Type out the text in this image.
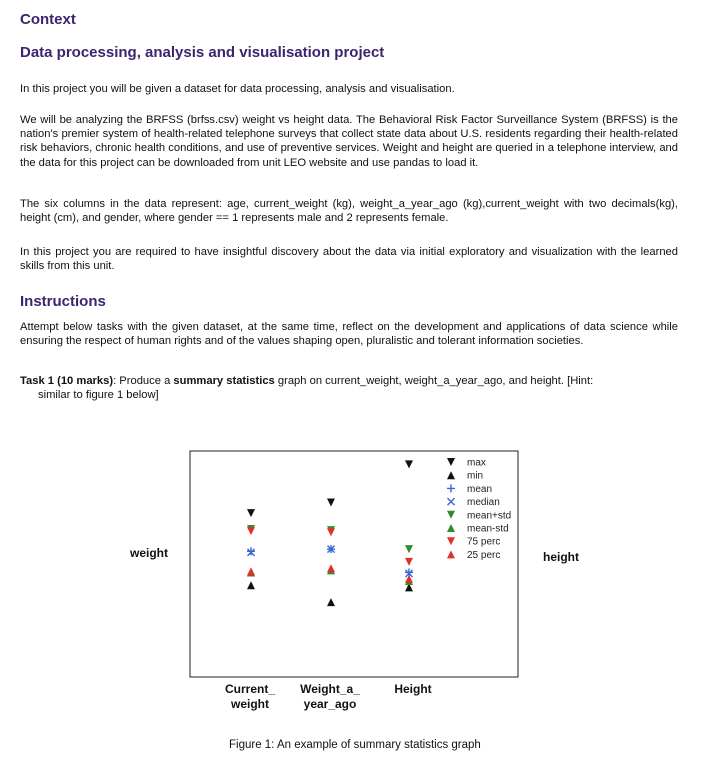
Context
Data processing, analysis and visualisation project
In this project you will be given a dataset for data processing, analysis and visualisation.
We will be analyzing the BRFSS (brfss.csv) weight vs height data. The Behavioral Risk Factor Surveillance System (BRFSS) is the nation's premier system of health-related telephone surveys that collect state data about U.S. residents regarding their health-related risk behaviors, chronic health conditions, and use of preventive services. Weight and height are queried in a telephone interview, and the data for this project can be downloaded from unit LEO website and use pandas to load it.
The six columns in the data represent: age, current_weight (kg), weight_a_year_ago (kg),current_weight with two decimals(kg), height (cm), and gender, where gender == 1 represents male and 2 represents female.
In this project you are required to have insightful discovery about the data via initial exploratory and visualization with the learned skills from this unit.
Instructions
Attempt below tasks with the given dataset, at the same time, reflect on the development and applications of data science while ensuring the respect of human rights and of the values shaping open, pluralistic and tolerant information societies.
Task 1 (10 marks): Produce a summary statistics graph on current_weight, weight_a_year_ago, and height. [Hint:
similar to figure 1 below]
max
min
mean
median
mean+std
mean-std
75 perc
25 perc
weight	height
Current_
weight
Weight_a_
year_ago
Height
Figure 1: An example of summary statistics graph
